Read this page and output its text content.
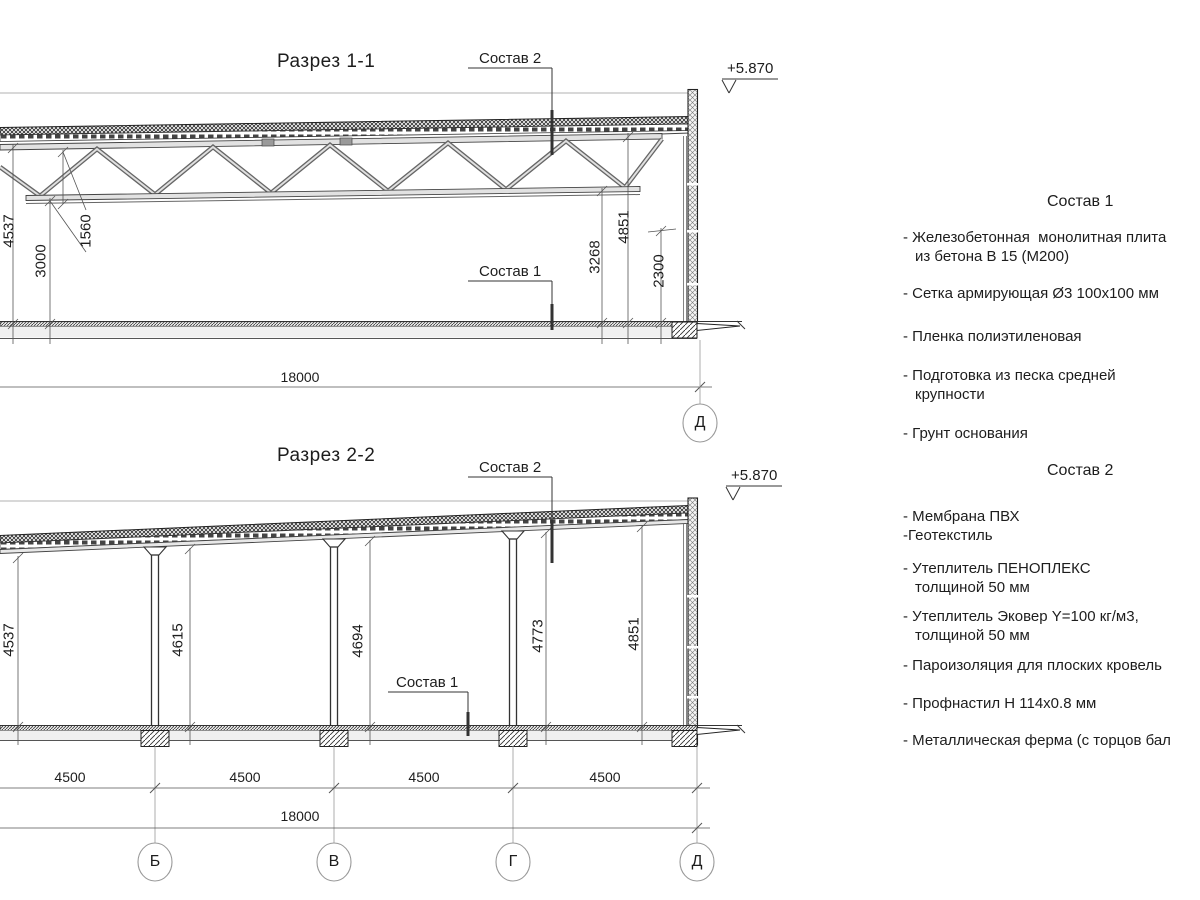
Разрез 1-1	Состав 2
Состав 1
+5.870
4537	1560
3000	3268
4851
2300
18000
Д
Разрез 2-2
Состав 2
Состав 1
+5.870
4537	4615	4694	4773	4851
4500	4500	4500	4500
18000
Б	В	Г	Д
Состав 1
- Железобетонная  монолитная плита
из бетона В 15 (М200)
- Сетка армирующая Ø3 100х100 мм
- Пленка полиэтиленовая
- Подготовка из песка средней
крупности
- Грунт основания
Состав 2
- Мембрана ПВХ
-Геотекстиль
- Утеплитель ПЕНОПЛЕКС
толщиной 50 мм
- Утеплитель Эковер Y=100 кг/м3,
толщиной 50 мм
- Пароизоляция для плоских кровель
- Профнастил Н 114х0.8 мм
- Металлическая ферма (с торцов бал
